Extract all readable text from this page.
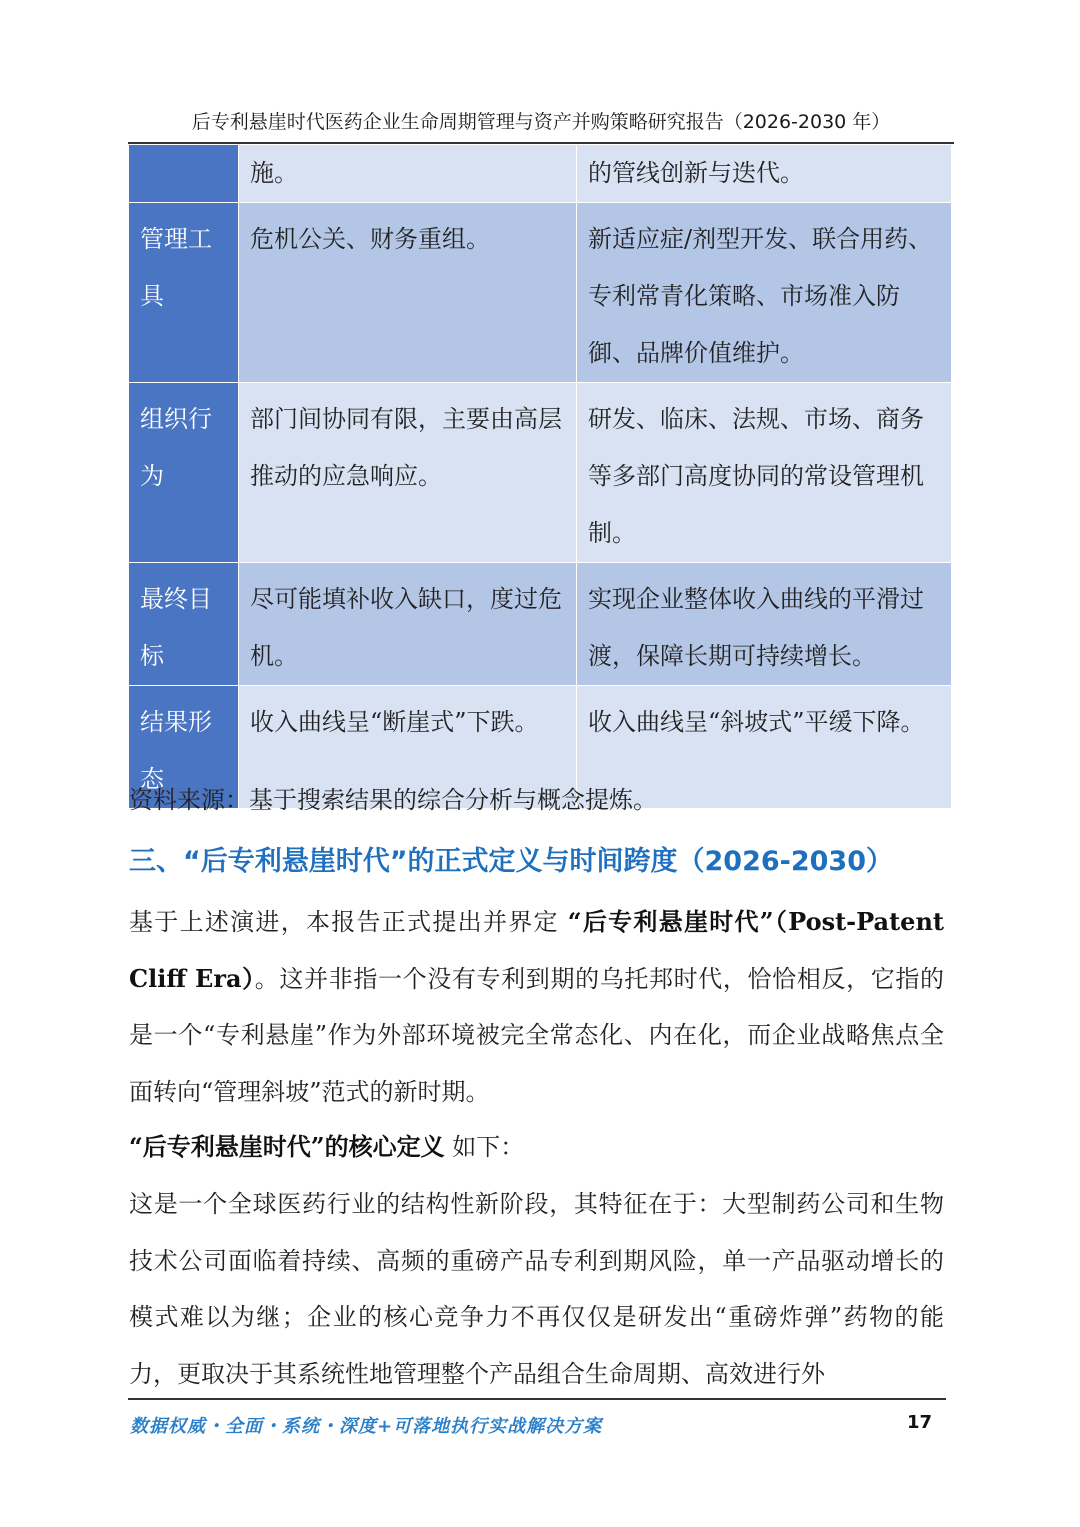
后专利悬崖时代医药企业生命周期管理与资产并购策略研究报告（2026-2030 年）
	施。	的管线创新与迭代。
管理工具	危机公关、财务重组。	新适应症/剂型开发、联合用药、专利常青化策略、市场准入防御、品牌价值维护。
组织行为	部门间协同有限，主要由高层推动的应急响应。	研发、临床、法规、市场、商务等多部门高度协同的常设管理机制。
最终目标	尽可能填补收入缺口，度过危机。	实现企业整体收入曲线的平滑过渡，保障长期可持续增长。
结果形态	收入曲线呈“断崖式”下跌。	收入曲线呈“斜坡式”平缓下降。
资料来源：基于搜索结果的综合分析与概念提炼。
三、“后专利悬崖时代”的正式定义与时间跨度（2026-2030）

基于上述演进，本报告正式提出并界定 “后专利悬崖时代”（Post-Patent Cliff Era）。这并非指一个没有专利到期的乌托邦时代，恰恰相反，它指的是一个“专利悬崖”作为外部环境被完全常态化、内在化，而企业战略焦点全面转向“管理斜坡”范式的新时期。

“后专利悬崖时代”的核心定义 如下：

这是一个全球医药行业的结构性新阶段，其特征在于：大型制药公司和生物技术公司面临着持续、高频的重磅产品专利到期风险，单一产品驱动增长的模式难以为继；企业的核心竞争力不再仅仅是研发出“重磅炸弹”药物的能力，更取决于其系统性地管理整个产品组合生命周期、高效进行外

数据权威・全面・系统・深度+可落地执行实战解决方案	17
